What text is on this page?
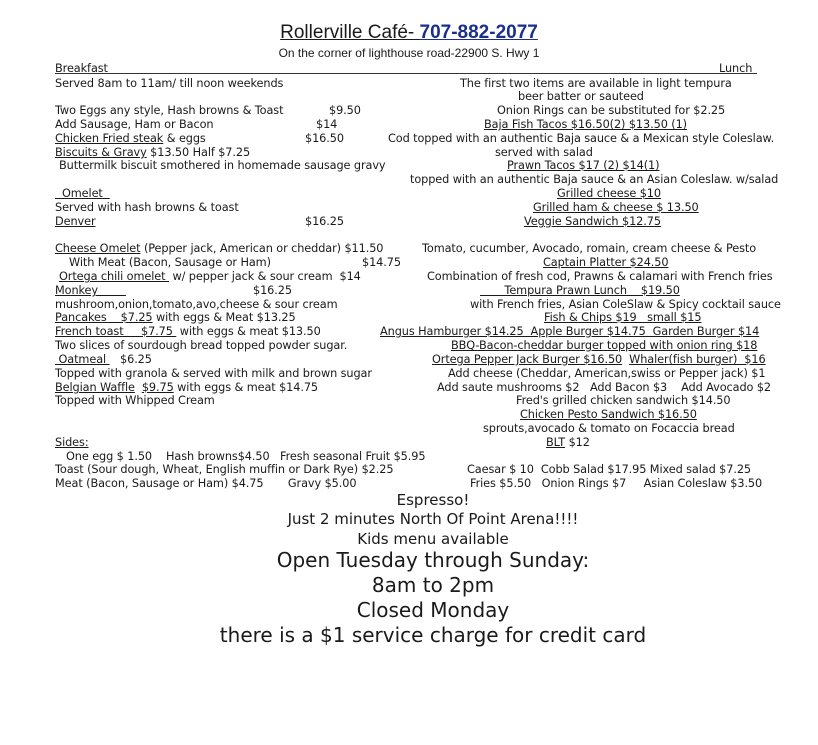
Rollerville Café- 707-882-2077
On the corner of lighthouse road-22900 S. Hwy 1
Breakfast	Lunch
Served 8am to 11am/ till noon weekends
Two Eggs any style, Hash browns & Toast	$9.50
Add Sausage, Ham or Bacon	$14
Chicken Fried steak & eggs	$16.50
Biscuits & Gravy $13.50 Half $7.25
Buttermilk biscuit smothered in homemade sausage gravy
Omelet
Served with hash browns & toast
Denver	$16.25
Cheese Omelet (Pepper jack, American or cheddar) $11.50
With Meat (Bacon, Sausage or Ham)	$14.75
Ortega chili omelet  w/ pepper jack & sour cream  $14
Monkey	$16.25
mushroom,onion,tomato,avo,cheese & sour cream
Pancakes    $7.25 with eggs & Meat $13.25
French toast     $7.75  with eggs & meat $13.50
Two slices of sourdough bread topped powder sugar.
Oatmeal    $6.25
Topped with granola & served with milk and brown sugar
Belgian Waffle $9.75 with eggs & meat $14.75
Topped with Whipped Cream
The first two items are available in light tempura
beer batter or sauteed
Onion Rings can be substituted for $2.25
Baja Fish Tacos $16.50(2) $13.50 (1)
Cod topped with an authentic Baja sauce & a Mexican style Coleslaw.
served with salad
Prawn Tacos $17 (2) $14(1)
topped with an authentic Baja sauce & an Asian Coleslaw. w/salad
Grilled cheese $10
Grilled ham & cheese $ 13.50
Veggie Sandwich $12.75
Tomato, cucumber, Avocado, romain, cream cheese & Pesto
Captain Platter $24.50
Combination of fresh cod, Prawns & calamari with French fries
Tempura Prawn Lunch    $19.50
with French fries, Asian ColeSlaw & Spicy cocktail sauce
Fish & Chips $19   small $15
Angus Hamburger $14.25  Apple Burger $14.75  Garden Burger $14
BBQ-Bacon-cheddar burger topped with onion ring $18
Ortega Pepper Jack Burger $16.50 Whaler(fish burger)  $16
Add cheese (Cheddar, American,swiss or Pepper jack) $1
Add saute mushrooms $2   Add Bacon $3    Add Avocado $2
Fred's grilled chicken sandwich $14.50
Chicken Pesto Sandwich $16.50
sprouts,avocado & tomato on Focaccia bread
BLT $12
Sides:
One egg $ 1.50    Hash browns$4.50   Fresh seasonal Fruit $5.95
Toast (Sour dough, Wheat, English muffin or Dark Rye) $2.25
Meat (Bacon, Sausage or Ham) $4.75       Gravy $5.00
Caesar $ 10  Cobb Salad $17.95 Mixed salad $7.25
Fries $5.50   Onion Rings $7     Asian Coleslaw $3.50
Espresso!
Just 2 minutes North Of Point Arena!!!!
Kids menu available
Open Tuesday through Sunday:
8am to 2pm
Closed Monday
there is a $1 service charge for credit card
